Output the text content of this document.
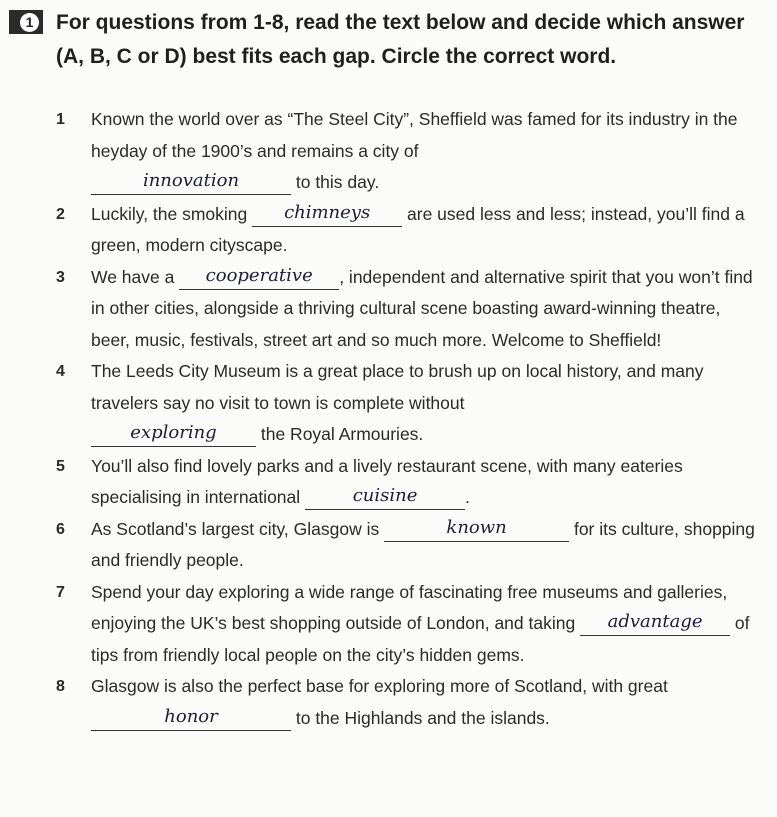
1 For questions from 1-8, read the text below and decide which answer (A, B, C or D) best fits each gap. Circle the correct word.
1 Known the world over as “The Steel City”, Sheffield was famed for its industry in the heyday of the 1900’s and remains a city of
innovation	to this day.
2 Luckily, the smoking chimneys are used less and less; instead, you’ll find a green, modern cityscape.
3 We have a cooperative , independent and alternative spirit that you won’t find in other cities, alongside a thriving cultural scene boasting award-winning theatre, beer, music, festivals, street art and so much more. Welcome to Sheffield!
4 The Leeds City Museum is a great place to brush up on local history, and many travelers say no visit to town is complete without
exploring the Royal Armouries.
5 You’ll also find lovely parks and a lively restaurant scene, with many eateries specialising in international	cuisine	.
6 As Scotland’s largest city, Glasgow is	known	for its culture, shopping and friendly people.
7 Spend your day exploring a wide range of fascinating free museums and galleries, enjoying the UK’s best shopping outside of London, and taking advantage of tips from friendly local people on the city’s hidden gems.
8 Glasgow is also the perfect base for exploring more of Scotland, with great honor	to the Highlands and the islands.
